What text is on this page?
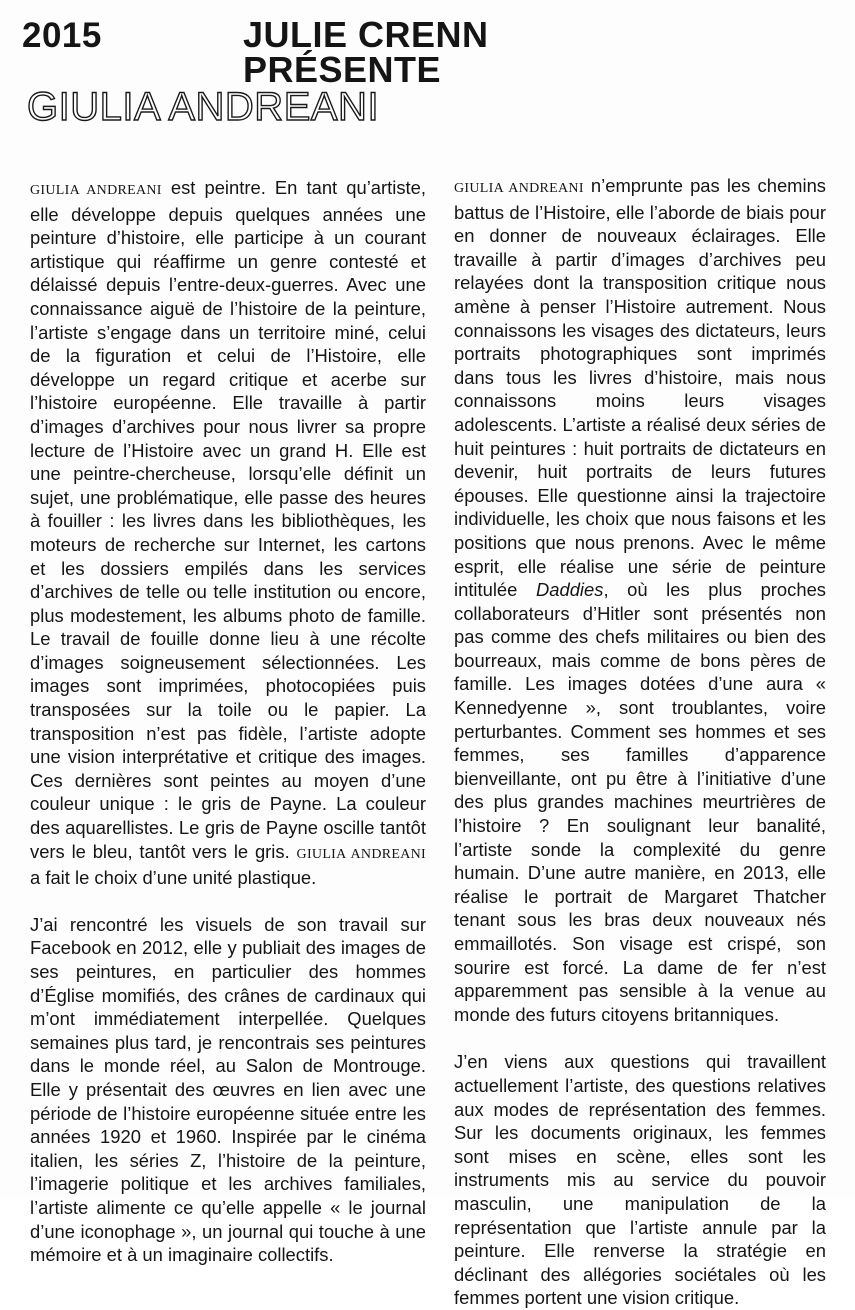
2015	JULIE CRENN
PRÉSENTE
GIULIA ANDREANI

GIULIA ANDREANI est peintre. En tant qu’artiste, elle développe depuis quelques années une peinture d’histoire, elle participe à un courant artistique qui réaffirme un genre contesté et délaissé depuis l’entre-deux-guerres. Avec une connaissance aiguë de l’histoire de la peinture, l’artiste s’engage dans un territoire miné, celui de la figuration et celui de l’Histoire, elle développe un regard critique et acerbe sur l’histoire européenne. Elle travaille à partir d’images d’archives pour nous livrer sa propre lecture de l’Histoire avec un grand H. Elle est une peintre-chercheuse, lorsqu’elle définit un sujet, une problématique, elle passe des heures à fouiller : les livres dans les bibliothèques, les moteurs de recherche sur Internet, les cartons et les dossiers empilés dans les services d’archives de telle ou telle institution ou encore, plus modestement, les albums photo de famille. Le travail de fouille donne lieu à une récolte d’images soigneusement sélectionnées. Les images sont imprimées, photocopiées puis transposées sur la toile ou le papier. La transposition n’est pas fidèle, l’artiste adopte une vision interprétative et critique des images. Ces dernières sont peintes au moyen d’une couleur unique : le gris de Payne. La couleur des aquarellistes. Le gris de Payne oscille tantôt vers le bleu, tantôt vers le gris. GIULIA ANDREANI a fait le choix d’une unité plastique.

J’ai rencontré les visuels de son travail sur Facebook en 2012, elle y publiait des images de ses peintures, en particulier des hommes d’Église momifiés, des crânes de cardinaux qui m’ont immédiatement interpellée. Quelques semaines plus tard, je rencontrais ses peintures dans le monde réel, au Salon de Montrouge. Elle y présentait des œuvres en lien avec une période de l’histoire européenne située entre les années 1920 et 1960. Inspirée par le cinéma italien, les séries Z, l’histoire de la peinture, l’imagerie politique et les archives familiales, l’artiste alimente ce qu’elle appelle « le journal d’une iconophage », un journal qui touche à une mémoire et à un imaginaire collectifs.

GIULIA ANDREANI n’emprunte pas les chemins battus de l’Histoire, elle l’aborde de biais pour en donner de nouveaux éclairages. Elle travaille à partir d’images d’archives peu relayées dont la transposition critique nous amène à penser l’Histoire autrement. Nous connaissons les visages des dictateurs, leurs portraits photographiques sont imprimés dans tous les livres d’histoire, mais nous connaissons moins leurs visages adolescents. L’artiste a réalisé deux séries de huit peintures : huit portraits de dictateurs en devenir, huit portraits de leurs futures épouses. Elle questionne ainsi la trajectoire individuelle, les choix que nous faisons et les positions que nous prenons. Avec le même esprit, elle réalise une série de peinture intitulée Daddies, où les plus proches collaborateurs d’Hitler sont présentés non pas comme des chefs militaires ou bien des bourreaux, mais comme de bons pères de famille. Les images dotées d’une aura « Kennedyenne », sont troublantes, voire perturbantes. Comment ses hommes et ses femmes, ses familles d’apparence bienveillante, ont pu être à l’initiative d’une des plus grandes machines meurtrières de l’histoire ? En soulignant leur banalité, l’artiste sonde la complexité du genre humain. D’une autre manière, en 2013, elle réalise le portrait de Margaret Thatcher tenant sous les bras deux nouveaux nés emmaillotés. Son visage est crispé, son sourire est forcé. La dame de fer n’est apparemment pas sensible à la venue au monde des futurs citoyens britanniques.

J’en viens aux questions qui travaillent actuellement l’artiste, des questions relatives aux modes de représentation des femmes. Sur les documents originaux, les femmes sont mises en scène, elles sont les instruments mis au service du pouvoir masculin, une manipulation de la représentation que l’artiste annule par la peinture. Elle renverse la stratégie en déclinant des allégories sociétales où les femmes portent une vision critique.
